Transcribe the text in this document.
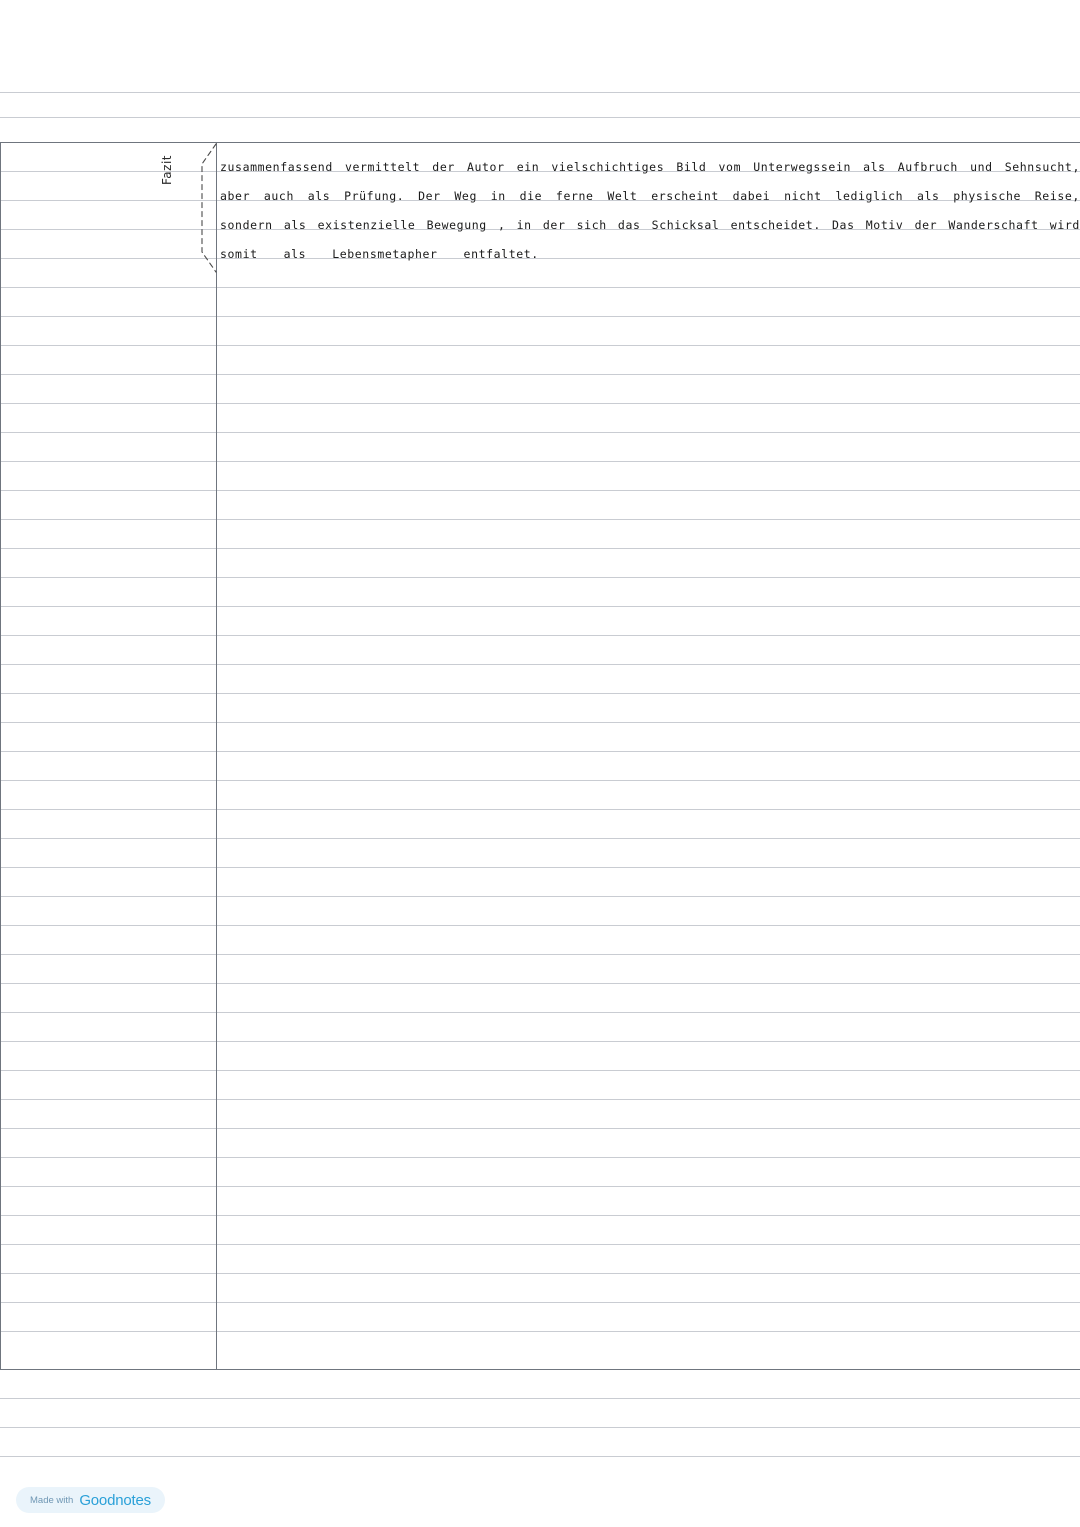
Fazit	zusammenfassend vermittelt der Autor ein vielschichtiges Bild vom Unterwegssein als Aufbruch und Sehnsucht,
aber auch als Prüfung. Der Weg in die ferne Welt erscheint dabei nicht lediglich als physische Reise,
sondern als existenzielle Bewegung , in der sich das Schicksal entscheidet. Das Motiv der Wanderschaft wird
somit als Lebensmetapher entfaltet.
Made with Goodnotes
